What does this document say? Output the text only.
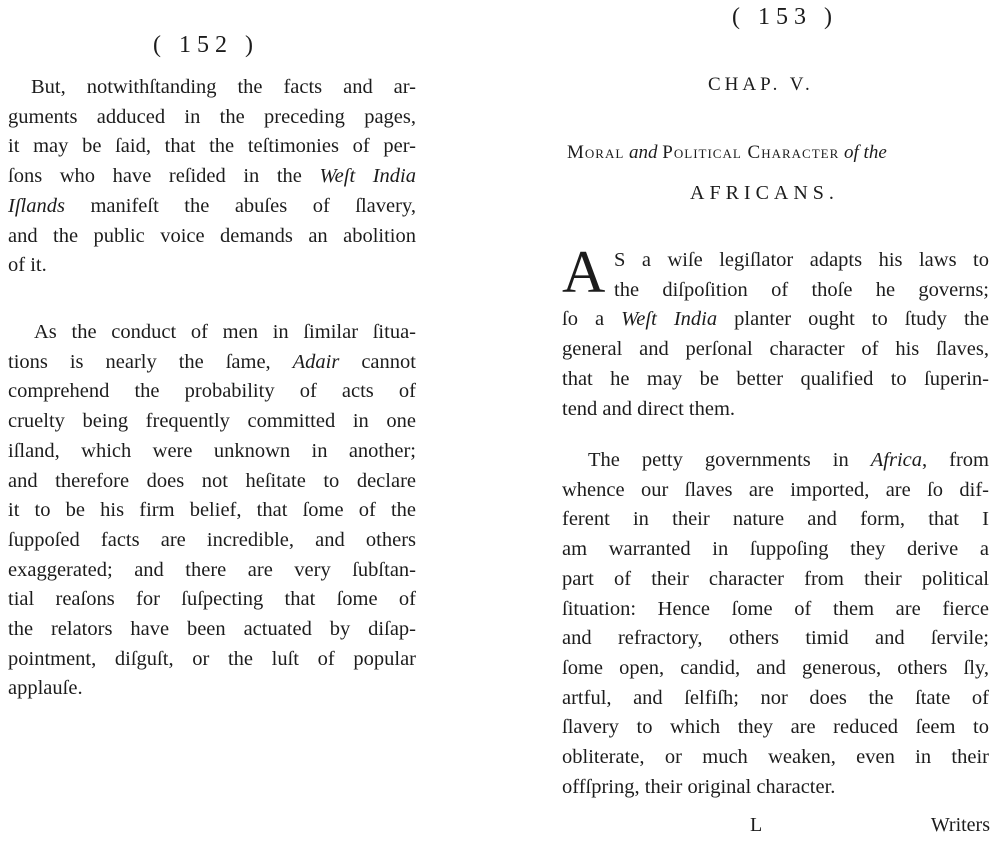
( 152 )

But, notwithſtanding the facts and ar-
guments adduced in the preceding pages,
it may be ſaid, that the teſtimonies of per-
ſons who have reſided in the Weſt India
Iſlands manifeſt the abuſes of ſlavery,
and the public voice demands an abolition
of it.

As the conduct of men in ſimilar ſitua-
tions is nearly the ſame, Adair cannot
comprehend the probability of acts of
cruelty being frequently committed in one
iſland, which were unknown in another;
and therefore does not heſitate to declare
it to be his firm belief, that ſome of the
ſuppoſed facts are incredible, and others
exaggerated; and there are very ſubſtan-
tial reaſons for ſuſpecting that ſome of
the relators have been actuated by diſap-
pointment, diſguſt, or the luſt of popular
applauſe.

( 153 )
CHAP. V.
Moral and Political Character of the
AFRICANS.

A S a wiſe legiſlator adapts his laws to
the diſpoſition of thoſe he governs;
ſo a Weſt India planter ought to ſtudy the
general and perſonal character of his ſlaves,
that he may be better qualified to ſuperin-
tend and direct them.

The petty governments in Africa, from
whence our ſlaves are imported, are ſo dif-
ferent in their nature and form, that I
am warranted in ſuppoſing they derive a
part of their character from their political
ſituation: Hence ſome of them are fierce
and refractory, others timid and ſervile;
ſome open, candid, and generous, others ſly,
artful, and ſelfiſh; nor does the ſtate of
ſlavery to which they are reduced ſeem to
obliterate, or much weaken, even in their
offſpring, their original character.

L	Writers
